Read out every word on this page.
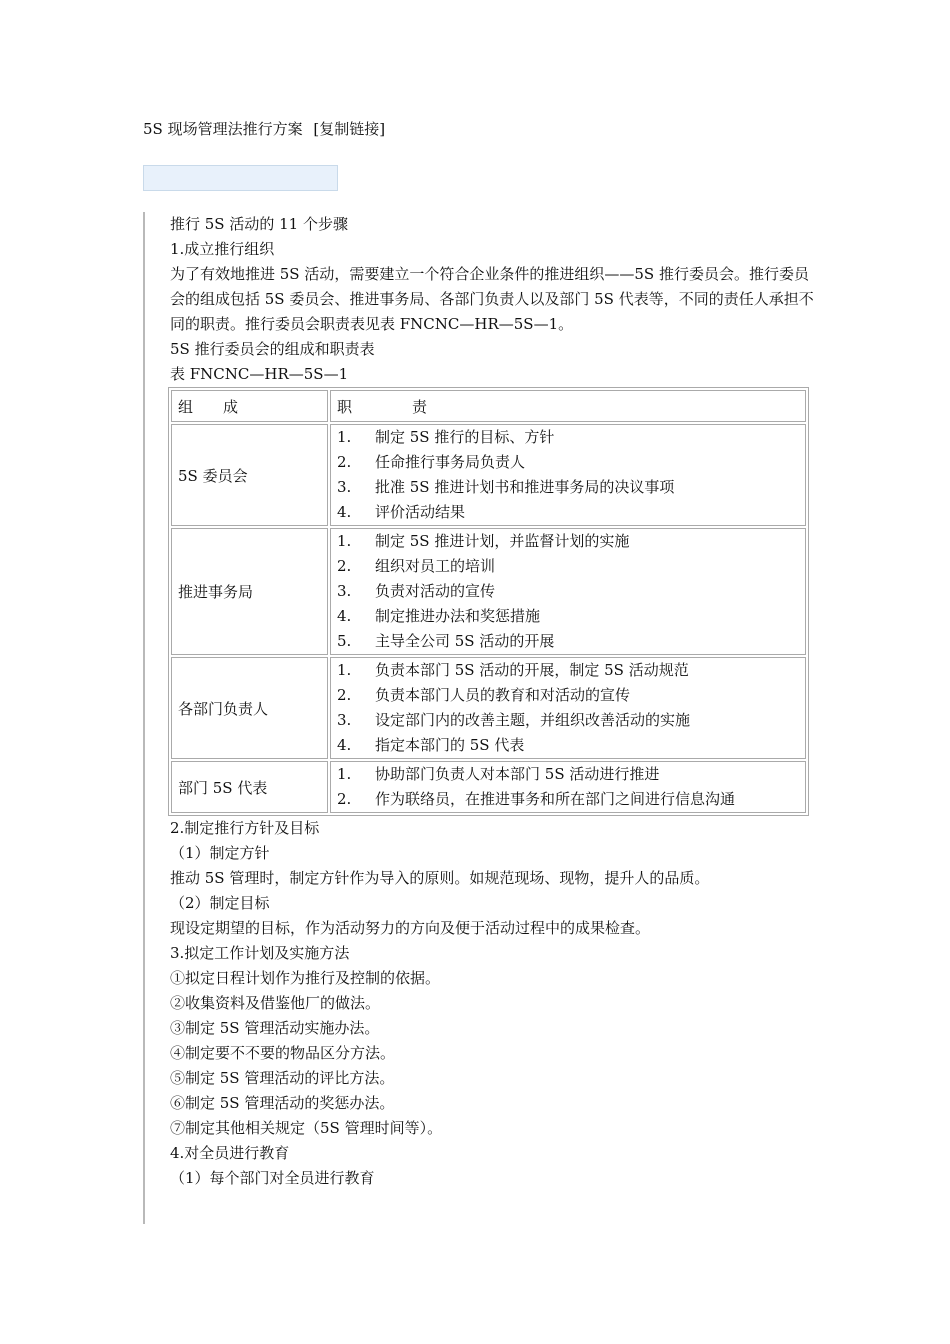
5S 现场管理法推行方案 [复制链接]
推行 5S 活动的 11 个步骤
1.成立推行组织
为了有效地推进 5S 活动，需要建立一个符合企业条件的推进组织——5S 推行委员会。推行委员会的组成包括 5S 委员会、推进事务局、各部门负责人以及部门 5S 代表等，不同的责任人承担不同的职责。推行委员会职责表见表 FNCNC—HR—5S—1。
5S 推行委员会的组成和职责表
表 FNCNC—HR—5S—1
组　　成	职　　　　责
5S 委员会	1. 制定 5S 推行的目标、方针
2. 任命推行事务局负责人
3. 批准 5S 推进计划书和推进事务局的决议事项
4. 评价活动结果

推进事务局	1. 制定 5S 推进计划，并监督计划的实施
2. 组织对员工的培训
3. 负责对活动的宣传
4. 制定推进办法和奖惩措施
5. 主导全公司 5S 活动的开展

各部门负责人	1. 负责本部门 5S 活动的开展，制定 5S 活动规范
2. 负责本部门人员的教育和对活动的宣传
3. 设定部门内的改善主题，并组织改善活动的实施
4. 指定本部门的 5S 代表

部门 5S 代表	1. 协助部门负责人对本部门 5S 活动进行推进
2. 作为联络员，在推进事务和所在部门之间进行信息沟通
2.制定推行方针及目标
（1）制定方针
推动 5S 管理时，制定方针作为导入的原则。如规范现场、现物，提升人的品质。
（2）制定目标
现设定期望的目标，作为活动努力的方向及便于活动过程中的成果检查。
3.拟定工作计划及实施方法
①拟定日程计划作为推行及控制的依据。
②收集资料及借鉴他厂的做法。
③制定 5S 管理活动实施办法。
④制定要不不要的物品区分方法。
⑤制定 5S 管理活动的评比方法。
⑥制定 5S 管理活动的奖惩办法。
⑦制定其他相关规定（5S 管理时间等）。
4.对全员进行教育
（1）每个部门对全员进行教育
